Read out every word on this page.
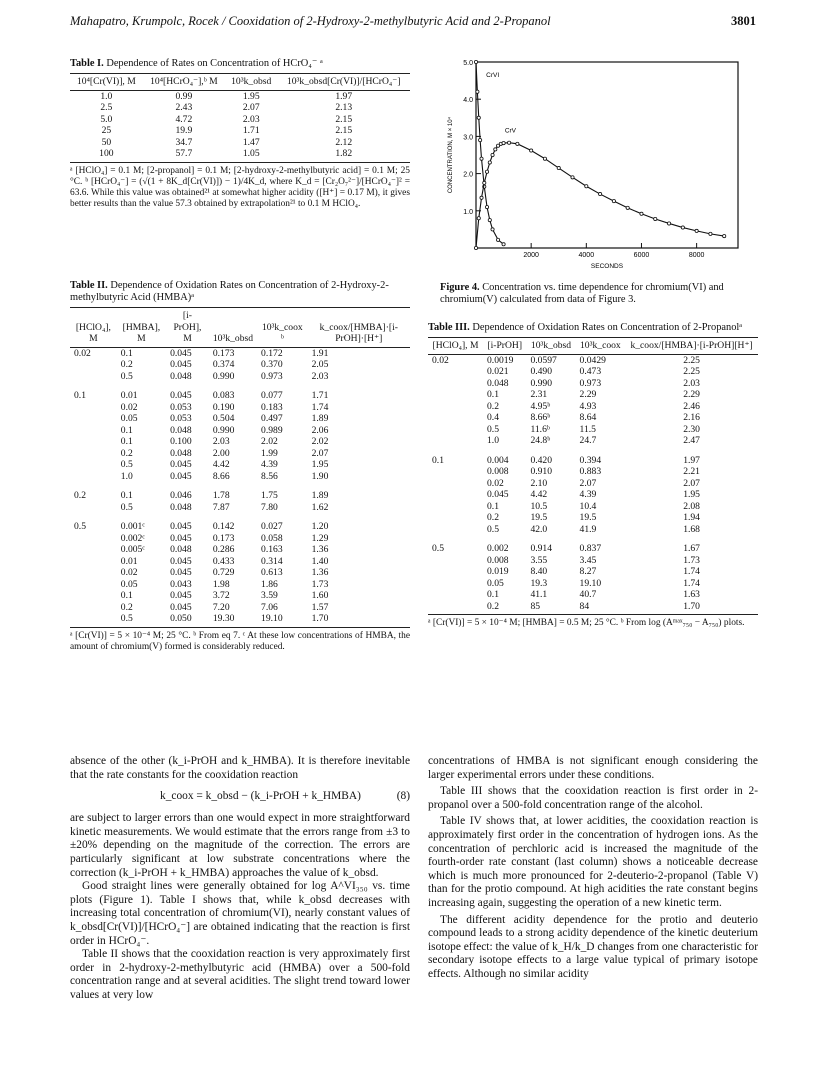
Mahapatro, Krumpolc, Rocek / Cooxidation of 2-Hydroxy-2-methylbutyric Acid and 2-Propanol	3801
Table I. Dependence of Rates on Concentration of HCrO₄⁻ ᵃ
10⁴[Cr(VI)], M	10⁴[HCrO₄⁻],ᵇ M	10³k_obsd	10³k_obsd[Cr(VI)]/[HCrO₄⁻]
1.0	0.99	1.95	1.97
2.5	2.43	2.07	2.13
5.0	4.72	2.03	2.15
25	19.9	1.71	2.15
50	34.7	1.47	2.12
100	57.7	1.05	1.82
ᵃ [HClO₄] = 0.1 M; [2-propanol] = 0.1 M; [2-hydroxy-2-methylbutyric acid] = 0.1 M; 25 °C. ᵇ [HCrO₄⁻] = (√(1 + 8K_d[Cr(VI)]) − 1)/4K_d, where K_d = [Cr₂O₇²⁻]/[HCrO₄⁻]² = 63.6. While this value was obtained²¹ at somewhat higher acidity ([H⁺] = 0.17 M), it gives better results than the value 57.3 obtained by extrapolation²¹ to 0.1 M HClO₄.
Table II. Dependence of Oxidation Rates on Concentration of 2-Hydroxy-2-methylbutyric Acid (HMBA)ᵃ
[HClO₄], M	[HMBA], M	[i-PrOH], M	10³k_obsd	10³k_coox ᵇ	k_coox/[HMBA]·[i-PrOH]·[H⁺]
0.02	0.1	0.045	0.173	0.172	1.91
	0.2	0.045	0.374	0.370	2.05
	0.5	0.048	0.990	0.973	2.03
0.1	0.01	0.045	0.083	0.077	1.71
	0.02	0.053	0.190	0.183	1.74
	0.05	0.053	0.504	0.497	1.89
	0.1	0.048	0.990	0.989	2.06
	0.1	0.100	2.03	2.02	2.02
	0.2	0.048	2.00	1.99	2.07
	0.5	0.045	4.42	4.39	1.95
	1.0	0.045	8.66	8.56	1.90
0.2	0.1	0.046	1.78	1.75	1.89
	0.5	0.048	7.87	7.80	1.62
0.5	0.001ᶜ	0.045	0.142	0.027	1.20
	0.002ᶜ	0.045	0.173	0.058	1.29
	0.005ᶜ	0.048	0.286	0.163	1.36
	0.01	0.045	0.433	0.314	1.40
	0.02	0.045	0.729	0.613	1.36
	0.05	0.043	1.98	1.86	1.73
	0.1	0.045	3.72	3.59	1.60
	0.2	0.045	7.20	7.06	1.57
	0.5	0.050	19.30	19.10	1.70
ᵃ [Cr(VI)] = 5 × 10⁻⁴ M; 25 °C. ᵇ From eq 7. ᶜ At these low concentrations of HMBA, the amount of chromium(V) formed is considerably reduced.
1.0
2.0
3.0
4.0
5.0
2000	4000	6000	8000
SECONDS
CONCENTRATION, M × 10⁴
CrVI
CrV
Figure 4. Concentration vs. time dependence for chromium(VI) and chromium(V) calculated from data of Figure 3.
Table III. Dependence of Oxidation Rates on Concentration of 2-Propanolᵃ
[HClO₄], M	[i-PrOH]	10³k_obsd	10³k_coox	k_coox/[HMBA]·[i-PrOH][H⁺]
0.02	0.0019	0.0597	0.0429	2.25
	0.021	0.490	0.473	2.25
	0.048	0.990	0.973	2.03
	0.1	2.31	2.29	2.29
	0.2	4.95ᵇ	4.93	2.46
	0.4	8.66ᵇ	8.64	2.16
	0.5	11.6ᵇ	11.5	2.30
	1.0	24.8ᵇ	24.7	2.47
0.1	0.004	0.420	0.394	1.97
	0.008	0.910	0.883	2.21
	0.02	2.10	2.07	2.07
	0.045	4.42	4.39	1.95
	0.1	10.5	10.4	2.08
	0.2	19.5	19.5	1.94
	0.5	42.0	41.9	1.68
0.5	0.002	0.914	0.837	1.67
	0.008	3.55	3.45	1.73
	0.019	8.40	8.27	1.74
	0.05	19.3	19.10	1.74
	0.1	41.1	40.7	1.63
	0.2	85	84	1.70
ᵃ [Cr(VI)] = 5 × 10⁻⁴ M; [HMBA] = 0.5 M; 25 °C. ᵇ From log (Aᵐᵃˣ₇₅₀ − A₇₅₀) plots.

absence of the other (k_i-PrOH and k_HMBA). It is therefore inevitable that the rate constants for the cooxidation reaction

k_coox = k_obsd − (k_i-PrOH + k_HMBA)	(8)

are subject to larger errors than one would expect in more straightforward kinetic measurements. We would estimate that the errors range from ±3 to ±20% depending on the magnitude of the correction. The errors are particularly significant at low substrate concentrations where the correction (k_i-PrOH + k_HMBA) approaches the value of k_obsd.

Good straight lines were generally obtained for log A^VI₃₅₀ vs. time plots (Figure 1). Table I shows that, while k_obsd decreases with increasing total concentration of chromium(VI), nearly constant values of k_obsd[Cr(VI)]/[HCrO₄⁻] are obtained indicating that the reaction is first order in HCrO₄⁻.

Table II shows that the cooxidation reaction is very approximately first order in 2-hydroxy-2-methylbutyric acid (HMBA) over a 500-fold concentration range and at several acidities. The slight trend toward lower values at very low

concentrations of HMBA is not significant enough considering the larger experimental errors under these conditions.

Table III shows that the cooxidation reaction is first order in 2-propanol over a 500-fold concentration range of the alcohol.

Table IV shows that, at lower acidities, the cooxidation reaction is approximately first order in the concentration of hydrogen ions. As the concentration of perchloric acid is increased the magnitude of the fourth-order rate constant (last column) shows a noticeable decrease which is much more pronounced for 2-deuterio-2-propanol (Table V) than for the protio compound. At high acidities the rate constant begins increasing again, suggesting the operation of a new kinetic term.

The different acidity dependence for the protio and deuterio compound leads to a strong acidity dependence of the kinetic deuterium isotope effect: the value of k_H/k_D changes from one characteristic for secondary isotope effects to a large value typical of primary isotope effects. Although no similar acidity
